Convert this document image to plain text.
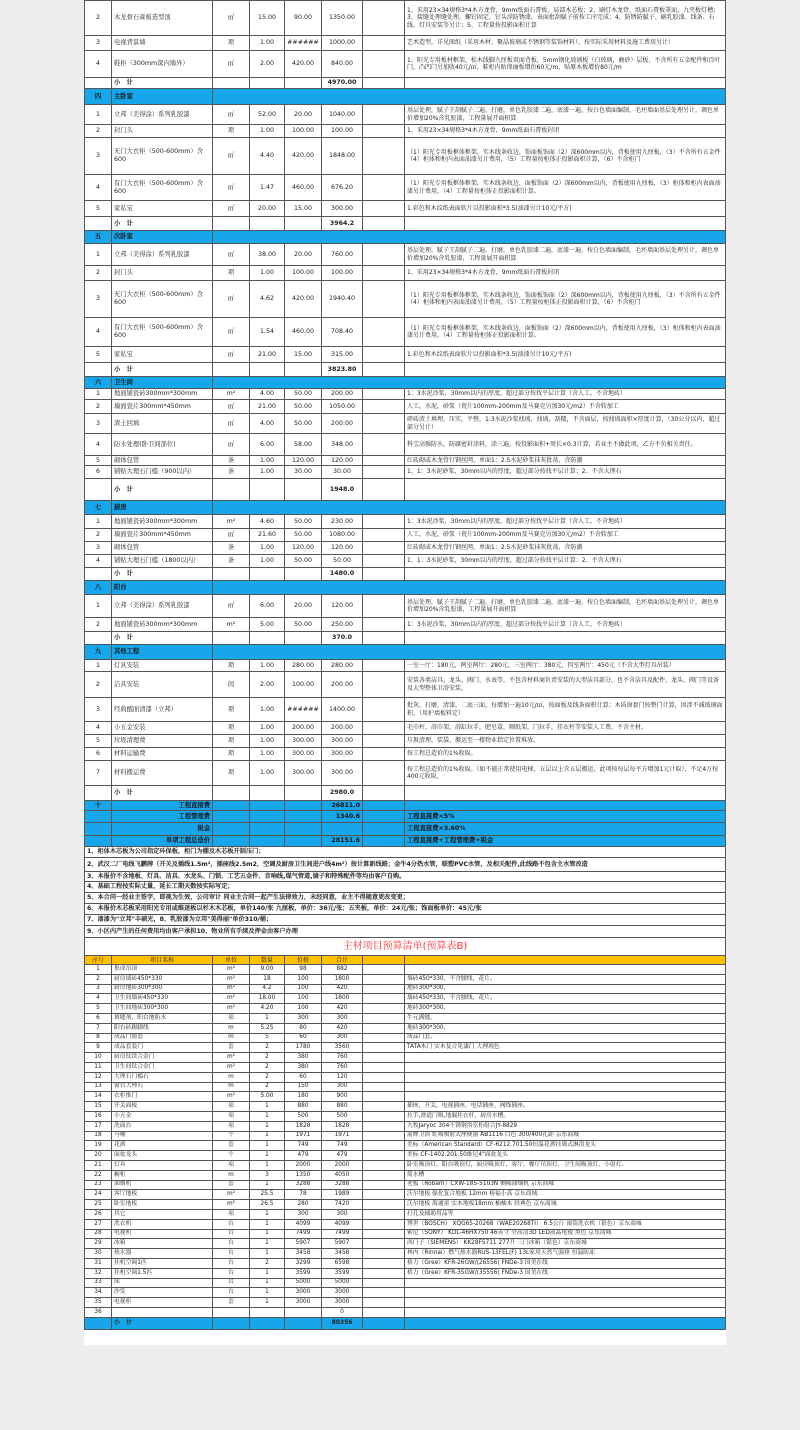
2	木龙骨石膏板造型顶	㎡	15.00	90.00	1350.00		1、采用23×34规格3*4木方龙骨，9mm纸面石膏板，局部木芯板；2、刷灯木龙骨，纸面石膏板罩面，九夹板灯槽；3、接缝处理缝处理，螺钉固定，钉头涂防锈漆，表面批刮腻子前按工序完成；4、防锈防腻子、刷乳胶漆、线条、石线、灯具安装等另计；5、工程量按投影面积计算
3	电视背景墙	项	1.00	######	1000.00		艺术造型，详见图纸（采用木材、聚晶玻璃或不锈钢等装饰材料），按实际采用材料及施工费用另计）
4	鞋柜（300mm深内墙外）	㎡	2.00	420.00	840.00		1、阳光专用板材框架，松木线脚九厘板双面背板，5mm钢化玻璃板（白玻璃，磨砂）层板，不含所有五金配件和百叶门，凸凹门另加收40元/㎡，鞋柜内贴保丽板增价60元/m，贴原木板增价80元/m
	小　计				4970.00		
四	主卧室						
1	立邦（美得涂）系列乳胶漆	㎡	52.00	20.00	1040.00		基层处理，腻子王刮腻子二遍，打磨，单色乳胶漆二遍，底漆一遍，按白色墙面编制，毛坯墙面基层处理另计，调色单价增加20%含乳胶漆，工程量展开面积算
2	封门头	项	1.00	100.00	100.00		1、采用23×34规格3*4木方龙骨，9mm纸面石膏板封闭
3	无门大衣柜（500-600mm）含600	㎡	4.40	420.00	1848.00		（1）阳光专用板框体框架，实木线条收边，饰面板饰面（2）深600mm以内，背板使用九厘板，（3）不含所有五金件（4）柜体和柜内表面油漆另计费用，（5）工程量按柜体正投影面积计算，（6）不含柜门
4	有门大衣柜（500-600mm）含600	㎡	1.47	460.00	676.20		（1）阳光专用板框体框架，实木线条收边，面板饰面（2）深600mm以内，背板使用九厘板，（3）柜体和柜内表面油漆另计费用，（4）工程量按柜体正投影面积计算。
5	家私宝	㎡	20.00	15.00	300.00		1.彩色和木纹纸表面软片以投影面积*3.5(油漆另计10元/平方)
	小　计				3964.2		
五	次卧室						
1	立邦（美得涂）系列乳胶漆	㎡	38.00	20.00	760.00		基层处理，腻子王刮腻子二遍，打磨，单色乳胶漆二遍，底漆一遍，按白色墙面编制，毛坯墙面基层处理另计，调色单价增加20%含乳胶漆，工程量展开面积算
2	封门头	项	1.00	100.00	100.00		1、采用23×34规格3*4木方龙骨，9mm纸面石膏板封闭
3	无门大衣柜（500-600mm）含600	㎡	4.62	420.00	1940.40		（1）阳光专用板框体框架，实木线条收边，饰面板饰面（2）深600mm以内，背板使用九厘板，（3）不含所有五金件（4）柜体和柜内表面油漆另计费用，（5）工程量按柜体正投影面积计算，（6）不含柜门
4	有门大衣柜（500-600mm）含600	㎡	1.54	460.00	708.40		（1）阳光专用板框体框架，实木线条收边，面板饰面（2）深600mm以内，背板使用九厘板，（3）柜体和柜内表面油漆另计费用，（4）工程量按柜体正投影面积计算。
5	家私宝	㎡	21.00	15.00	315.00		1.彩色和木纹纸表面软片以投影面积*3.5(油漆另计10元/平方)
	小　计				3823.80		
六	卫生间						
1	地面铺瓷砖300mm*300mm	m²	4.00	50.00	200.00		1：3水泥沙浆，30mm以内的厚度，超过部分按找平层计算（含人工，不含地砖）
2	墙面瓷片300mm*450mm	㎡	21.00	50.00	1050.00		人工，水泥，砂浆（瓷片100mm-200mm及马赛克另加30元/m2）不含转加工
3	渣土回填	㎡	4.00	50.00	200.00		碎砖渣土填埋，压实，平整，1:3水泥沙浆找坡，找坡，刮糙，不含面层，按找坡面积×厚度计算，（30公分以内，超过部分另计）
4	防水处理(卧卫间部位)	㎡	6.00	58.00	348.00		科宝高强防水，防腐密封涂料，涂三遍，按投影面积+周长×0.3计算，若业主不做此项，乙方不负相关责任。
5	砌体包管	条	1.00	120.00	120.00		红砖砌或木龙骨钉钢丝网，单面1：2.5水泥砂浆抹灰批荡，含防潮
6	铺贴大理石门槛（900以内）	条	1.00	30.00	30.00		1、1：3水泥砂浆，30mm以内的厚度，超过部分按找平层计算；2、不含大理石
	小　计				1948.0		
七	厨房						
1	地面铺瓷砖300mm*300mm	m²	4.60	50.00	230.00		1：3水泥沙浆，30mm以内的厚度，超过部分按找平层计算（含人工，不含地砖）
2	墙面瓷片300mm*450mm	㎡	21.60	50.00	1080.00		人工，水泥，砂浆（瓷片100mm-200mm及马赛克另加30元/m2）不含转加工
3	砌体包管	条	1.00	120.00	120.00		红砖砌或木龙骨钉钢丝网，单面1：2.5水泥砂浆抹灰批荡，含防潮
4	铺贴大理石门槛（1800以内）	条	1.00	50.00	50.00		1、1：3水泥砂浆，30mm以内的厚度，超过部分按找平层计算；2、不含大理石
	小　计				1480.0		
八	阳台						
1	立邦（美得涂）系列乳胶漆	㎡	6.00	20.00	120.00		基层处理，腻子王刮腻子二遍，打磨，单色乳胶漆二遍，底漆一遍，按白色墙面编制，毛坯墙面基层处理另计，调色单价增加20%含乳胶漆，工程量展开面积算
2	地面铺瓷砖300mm*300mm	m²	5.00	50.00	250.00		1：3水泥沙浆，30mm以内的厚度，超过部分按找平层计算（含人工，不含地砖）
	小　计				370.0		
九	其他工程						
1	灯具安装	项	1.00	280.00	280.00		一室一厅：180元，两室两厅：280元，三室两厅：380元，四室两厅：450元（不含大型灯具吊装）
2	洁具安装	间	2.00	100.00	200.00		安装各类洁具、龙头、阀门、水表等，不包含材料商负责安装的大型洁具部分，也不含洁具及配件、龙头、阀门等设备及大型整体卫浴安装。
3	经典醒面清漆（立邦）	项	1.00	######	1400.00		批灰，打磨，清漆，二底三面，每增加一遍10元/㎡，按面板及线条面积计算；木质窗套门按整门计算，因涉不减玻璃面积，（用护墙板料定）
4	小五金安装	项	1.00	200.00	200.00		毛巾杆，浴巾架，浴缸拉手，肥皂盒，厕纸架，门拉手，挂衣杆等安装人工费，不含主材。
5	垃圾清理费	项	1.00	300.00	300.00		垃圾清理，装袋，搬运至一楼物业指定位置堆放。
6	材料运输费	项	1.00	300.00	300.00		按工程总造价的1%收取。
7	材料搬运费	项	1.00	300.00	300.00		按工程总造价的1%收取。（如不能正常使用电梯，五层以上含五层搬运，此项按每层每平方增加1元计取），不足4万按400元收取。
	小　计				2980.0		
十	工程直接费				26811.0		
	工程管理费				1340.6		工程直接费×5%
	税金						工程直接费×3.60%
	单项工程总造价				28151.6		工程直接费+工程管理费+税金
1、柜体木芯板为公司指定环保板，柜门为棚及木芯板开制压门；							
2、武汉二厂电线飞鹏牌（开关及插线1.5m²，插座线2.5m2，空调及厨房卫生间进户线4m²）按计算新线路；金牛4分热水管，联塑PVC水管，及相关配件,此线路不包含主水管改造							
3、本报价不含地板、灯具、洁具、水龙头、门锁、工艺五金件、音响线,煤气管道,镜子和特殊配件等均由客户自购。							
4、基础工程按实际丈量，延长工期天数按实际写定；							
5、本合同一经业主签字，即视为生效，公司审计 同业主合同一起产生法律效力，未经同意，业主不得随意更改变更；							
6、本报价木芯板采用阳光专用或维迷板以杉木木芯板，单价140/张 九厘板，单价：36元/张；五夹板，单价：24元/张；饰面板单价：45元/张							
7、漆漆为"立邦"丰硕光，8、乳胶漆为立邦"美得丽"单价310/桶；							
9、小区内产生的任何费用均由客户承担10、物业所有手续及押金由客户办理							
主材项目预算清单(预算表B)							
序号	项目名称	单位	数量	价格	合计		
1	集成吊顶	m²	9.00	98	882		
2	厨房墙砖450*330	m²	18	100	1800		墙砖450*330，不含腰线，花片。
3	厨房地砖300*300	m²	4.2	100	420		地砖300*300，
4	卫生间墙砖450*330	m²	18.00	100	1800		墙砖450*330，不含腰线，花片。
5	卫生间地砖300*300	m²	4.20	100	420		地砖300*300，
6	填缝剂、阳台地防水	项	1	300	300		牛元满缝。
7	阳台砖踢脚线	m	5.25	80	420		地砖300*300，
8	成品门窗套	m	5	60	300		成品门套。
9	成品套装门	套	2	1780	3560		TATA木门 实木复合免漆门 大理现色
10	厨房钛镁合金门	m²	2	380	760		
11	卫生间钛合金门	m²	2	380	760		
12	大理石门槛石	m	2	60	120		
13	窗台大理石	m	2	150	300		
14	衣柜推门	m²	5.00	180	900		
15	开关面板	项	1	880	880		插座，开关，电视插座，电话插座，网线插座。
16	小五金	项	1	500	500		拉手,滑道门吸,地漏挂衣杆，厨房水槽。
17	洗面台	项	1	1828	1828		九牧Jaryoc 304不锈钢浴室柜组合JY-8829
18	马桶	个	1	1971	1971		箭牌卫浴 虹吸喷射式座便器 AB1116 白色 300/400孔距 京东商城
19	花洒	套	1	749	749		美标（American Standard）CF-6212.701.50恒温花洒挂墙式淋浴龙头
20	面盆龙头	个	1	479	479		美标 CF-1402.201.50维尼4"面盆龙头
21	灯具	项	1	2000	2000		卧室吸顶灯，阳台吸顶灯，厨房吸顶灯，客厅，餐厅吊顶灯，卫生间吸顶灯，小射灯。
22	橱柜	m	3	1350	4050		简水槽
23	油烟机	套	1	3288	3288		老板（Robam）CXW-185-5103N 侧吸油烟机 京东商城
24	客厅地板	m²	25.5	78	1989		沃尔地板 强化复合地板 12mm 榜福小高 京东商城
25	卧室地板	m²	26.5	280	7420		沃尔地板 海通童 实木地板18mm 柚柚木 经典色 京东商城
26	其它	项	1	300	300		打孔及辅助用品等
27	洗衣机	台	1	4099	4099		博世（BOSCH） XQG65-20268（WAE20268TI） 6.5公斤 滚筒洗衣机（银色）京东商城
28	电视机	台	1	7499	7499		索尼（SONY） KDL-46HX750 46英寸 全高清3D LED液晶电视 黑色 京东商城
29	冰箱	台	1	5907	5907		西门子（SIEMENS） KK28F5711 277升 三门冰箱（银色）京东商城
30	热水器	台	1	3458	3458		林内（Rinnai）燃气热水器RUS-13FEL(F) 13L家用天然气强排 恒温防冻
31	挂机空调1匹	台	2	3299	6598		格力（Gree）KFR-26GW/(26556) FNDe-3 国美在线
32	挂机空调1.5匹	台	1	3599	3599		格力（Gree）KFR-35GW/(35556) FNDe-3 国美在线
33	床	台	1	5000	5000		
34	沙发	台	1	3000	3000		
35	电视柜	套	1	3000	3000		
36					0		
	小　计				80356		
